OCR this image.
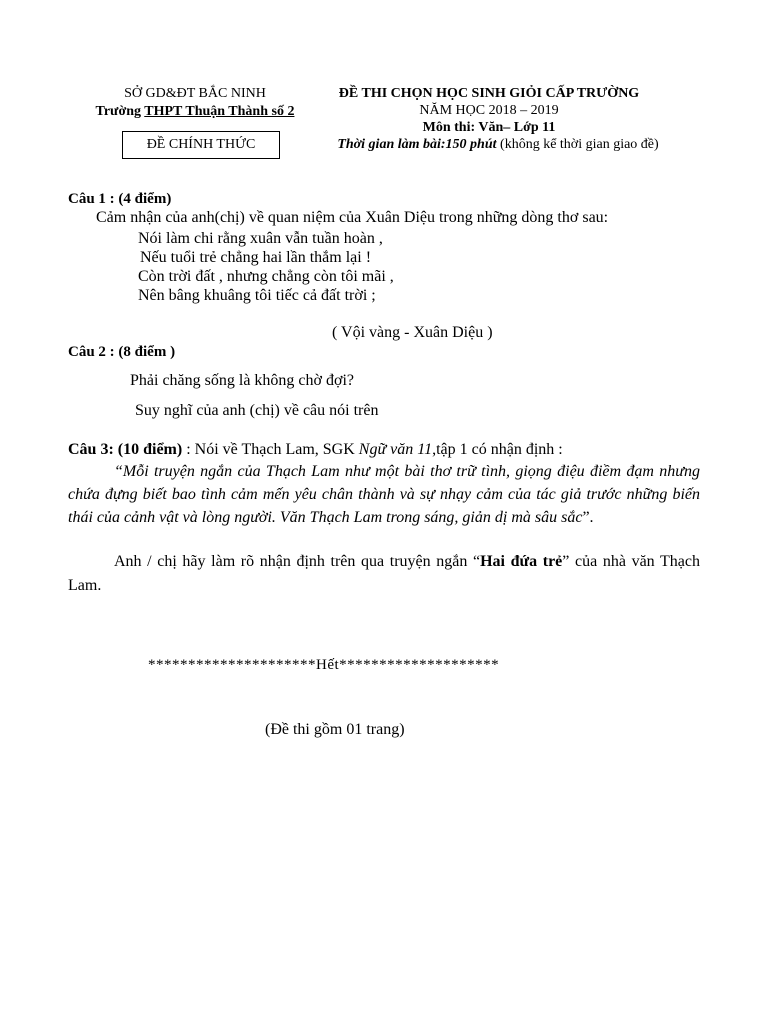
SỞ GD&ĐT BẮC NINH
Trường THPT Thuận Thành số 2
ĐỀ CHÍNH THỨC
ĐỀ THI CHỌN HỌC SINH GIỎI CẤP TRƯỜNG
NĂM HỌC 2018 – 2019
Môn thi: Văn– Lớp 11
Thời gian làm bài:150 phút (không kể thời gian giao đề)
Câu 1 : (4 điểm)
Cảm nhận của anh(chị) về quan niệm của Xuân Diệu trong những dòng thơ sau:
Nói làm chi rằng xuân vẫn tuần hoàn ,
Nếu tuổi trẻ chẳng hai lần thắm lại !
Còn trời đất , nhưng chẳng còn tôi mãi ,
Nên bâng khuâng tôi tiếc cả đất trời ;
( Vội vàng - Xuân Diệu )
Câu 2 : (8 điểm )
Phải chăng sống là không chờ đợi?
Suy nghĩ của anh (chị) về câu nói trên
Câu 3: (10 điểm) : Nói về Thạch Lam, SGK Ngữ văn 11,tập 1 có nhận định :
“Mỗi truyện ngắn của Thạch Lam như một bài thơ trữ tình, giọng điệu điềm đạm nhưng chứa đựng biết bao tình cảm mến yêu chân thành và sự nhạy cảm của tác giả trước những biến thái của cảnh vật và lòng người. Văn Thạch Lam trong sáng, giản dị mà sâu sắc”.
Anh / chị hãy làm rõ nhận định trên qua truyện ngắn “Hai đứa trẻ” của nhà văn Thạch Lam.
*********************Hết********************
(Đề thi gồm 01 trang)
